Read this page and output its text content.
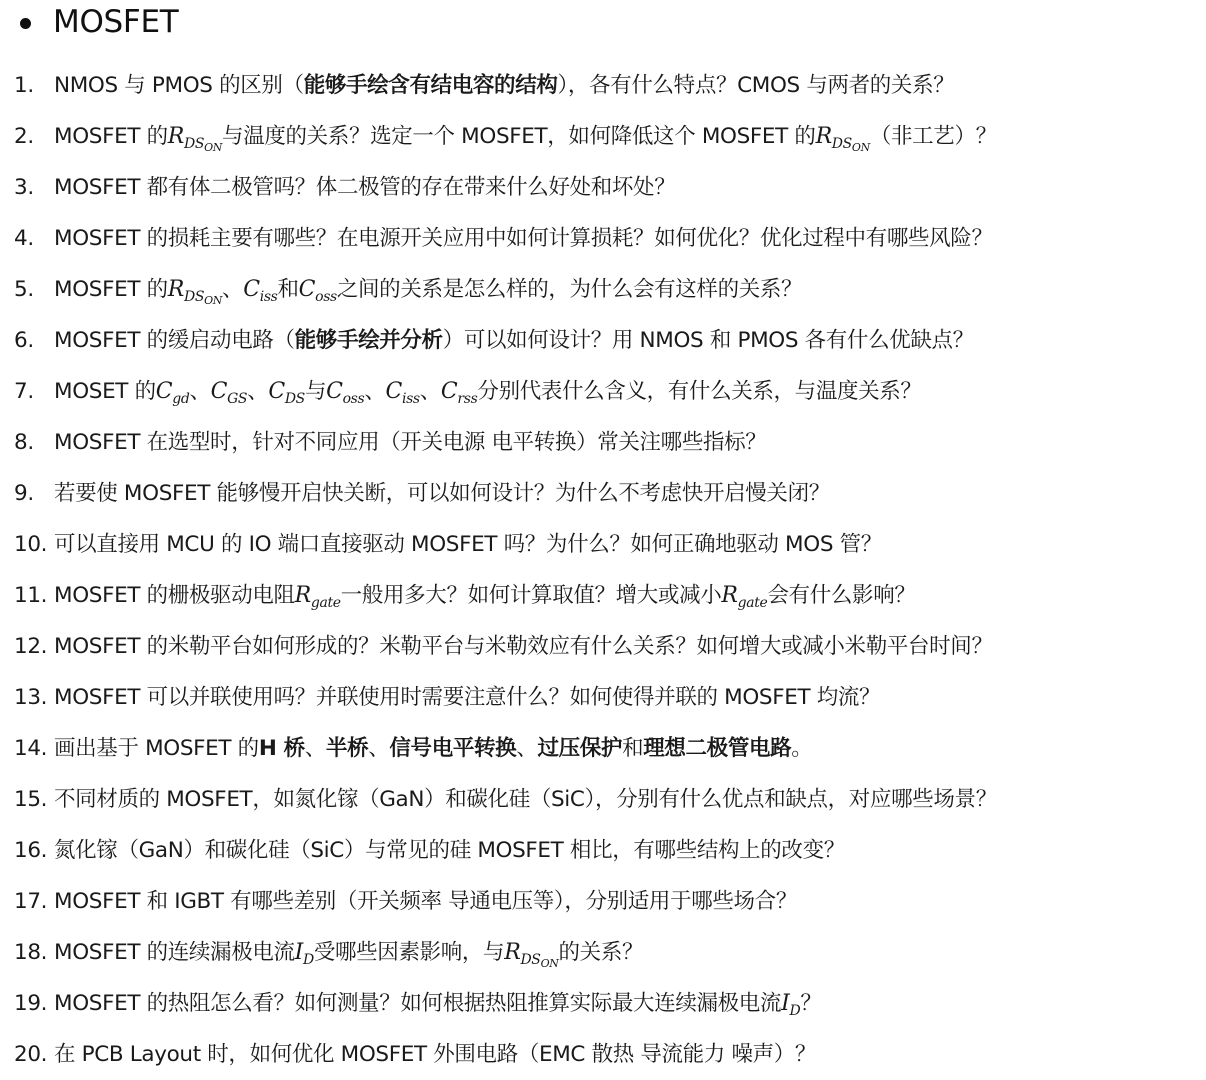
MOSFET
1. NMOS 与 PMOS 的区别（能够手绘含有结电容的结构），各有什么特点？CMOS 与两者的关系？
2. MOSFET 的$R_{DS_{ON}}$与温度的关系？选定一个 MOSFET，如何降低这个 MOSFET 的$R_{DS_{ON}}$（非工艺）？
3. MOSFET 都有体二极管吗？体二极管的存在带来什么好处和坏处？
4. MOSFET 的损耗主要有哪些？在电源开关应用中如何计算损耗？如何优化？优化过程中有哪些风险？
5. MOSFET 的$R_{DS_{ON}}$、$C_{iss}$和$C_{oss}$之间的关系是怎么样的，为什么会有这样的关系？
6. MOSFET 的缓启动电路（能够手绘并分析）可以如何设计？用 NMOS 和 PMOS 各有什么优缺点？
7. MOSET 的$C_{gd}$、$C_{GS}$、$C_{DS}$与$C_{oss}$、$C_{iss}$、$C_{rss}$分别代表什么含义，有什么关系，与温度关系？
8. MOSFET 在选型时，针对不同应用（开关电源 电平转换）常关注哪些指标？
9. 若要使 MOSFET 能够慢开启快关断，可以如何设计？为什么不考虑快开启慢关闭？
10. 可以直接用 MCU 的 IO 端口直接驱动 MOSFET 吗？为什么？如何正确地驱动 MOS 管？
11. MOSFET 的栅极驱动电阻$R_{gate}$一般用多大？如何计算取值？增大或减小$R_{gate}$会有什么影响？
12. MOSFET 的米勒平台如何形成的？米勒平台与米勒效应有什么关系？如何增大或减小米勒平台时间？
13. MOSFET 可以并联使用吗？并联使用时需要注意什么？如何使得并联的 MOSFET 均流？
14. 画出基于 MOSFET 的H 桥、半桥、信号电平转换、过压保护和理想二极管电路。
15. 不同材质的 MOSFET，如氮化镓（GaN）和碳化硅（SiC），分别有什么优点和缺点，对应哪些场景？
16. 氮化镓（GaN）和碳化硅（SiC）与常见的硅 MOSFET 相比，有哪些结构上的改变？
17. MOSFET 和 IGBT 有哪些差别（开关频率 导通电压等），分别适用于哪些场合？
18. MOSFET 的连续漏极电流$I_D$受哪些因素影响，与$R_{DS_{ON}}$的关系？
19. MOSFET 的热阻怎么看？如何测量？如何根据热阻推算实际最大连续漏极电流$I_D$？
20. 在 PCB Layout 时，如何优化 MOSFET 外围电路（EMC 散热 导流能力 噪声）？
